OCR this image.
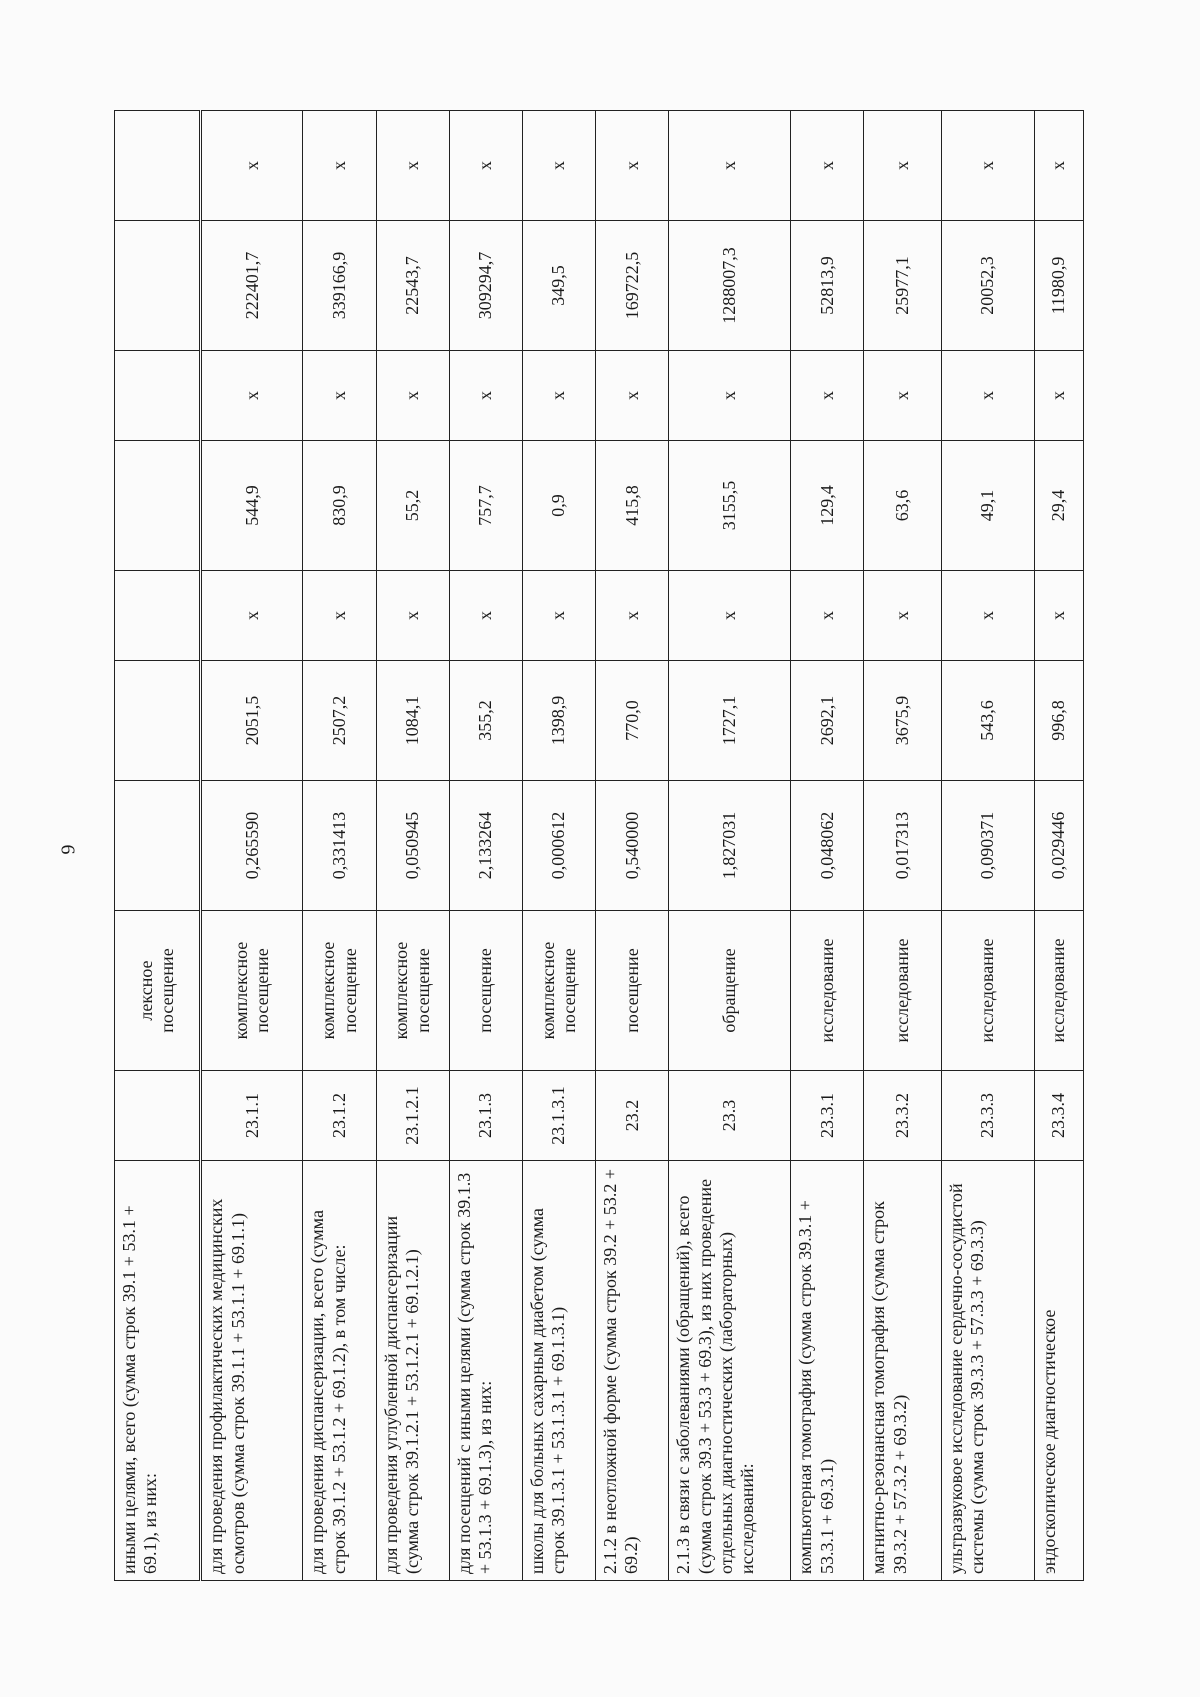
6
иными целями, всего (сумма строк 39.1 + 53.1 + 69.1), из них:		лексное посещение							
для проведения профилактических медицинских осмотров (сумма строк 39.1.1 + 53.1.1 + 69.1.1)	23.1.1	комплексное посещение	0,265590	2051,5	х	544,9	х	222401,7	х
для проведения диспансеризации, всего (сумма строк 39.1.2 + 53.1.2 + 69.1.2), в том числе:	23.1.2	комплексное посещение	0,331413	2507,2	х	830,9	х	339166,9	х
для проведения углубленной диспансеризации (сумма строк 39.1.2.1 + 53.1.2.1 + 69.1.2.1)	23.1.2.1	комплексное посещение	0,050945	1084,1	х	55,2	х	22543,7	х
для посещений с иными целями (сумма строк 39.1.3 + 53.1.3 + 69.1.3), из них:	23.1.3	посещение	2,133264	355,2	х	757,7	х	309294,7	х
школы для больных сахарным диабетом (сумма строк 39.1.3.1 + 53.1.3.1 + 69.1.3.1)	23.1.3.1	комплексное посещение	0,000612	1398,9	х	0,9	х	349,5	х
2.1.2 в неотложной форме (сумма строк 39.2 + 53.2 + 69.2)	23.2	посещение	0,540000	770,0	х	415,8	х	169722,5	х
2.1.3 в связи с заболеваниями (обращений), всего (сумма строк 39.3 + 53.3 + 69.3), из них проведение отдельных диагностических (лабораторных) исследований:	23.3	обращение	1,827031	1727,1	х	3155,5	х	1288007,3	х
компьютерная томография (сумма строк 39.3.1 + 53.3.1 + 69.3.1)	23.3.1	исследование	0,048062	2692,1	х	129,4	х	52813,9	х
магнитно-резонансная томография (сумма строк 39.3.2 + 57.3.2 + 69.3.2)	23.3.2	исследование	0,017313	3675,9	х	63,6	х	25977,1	х
ультразвуковое исследование сердечно-сосудистой системы (сумма строк 39.3.3 + 57.3.3 + 69.3.3)	23.3.3	исследование	0,090371	543,6	х	49,1	х	20052,3	х
эндоскопическое диагностическое	23.3.4	исследование	0,029446	996,8	х	29,4	х	11980,9	х
